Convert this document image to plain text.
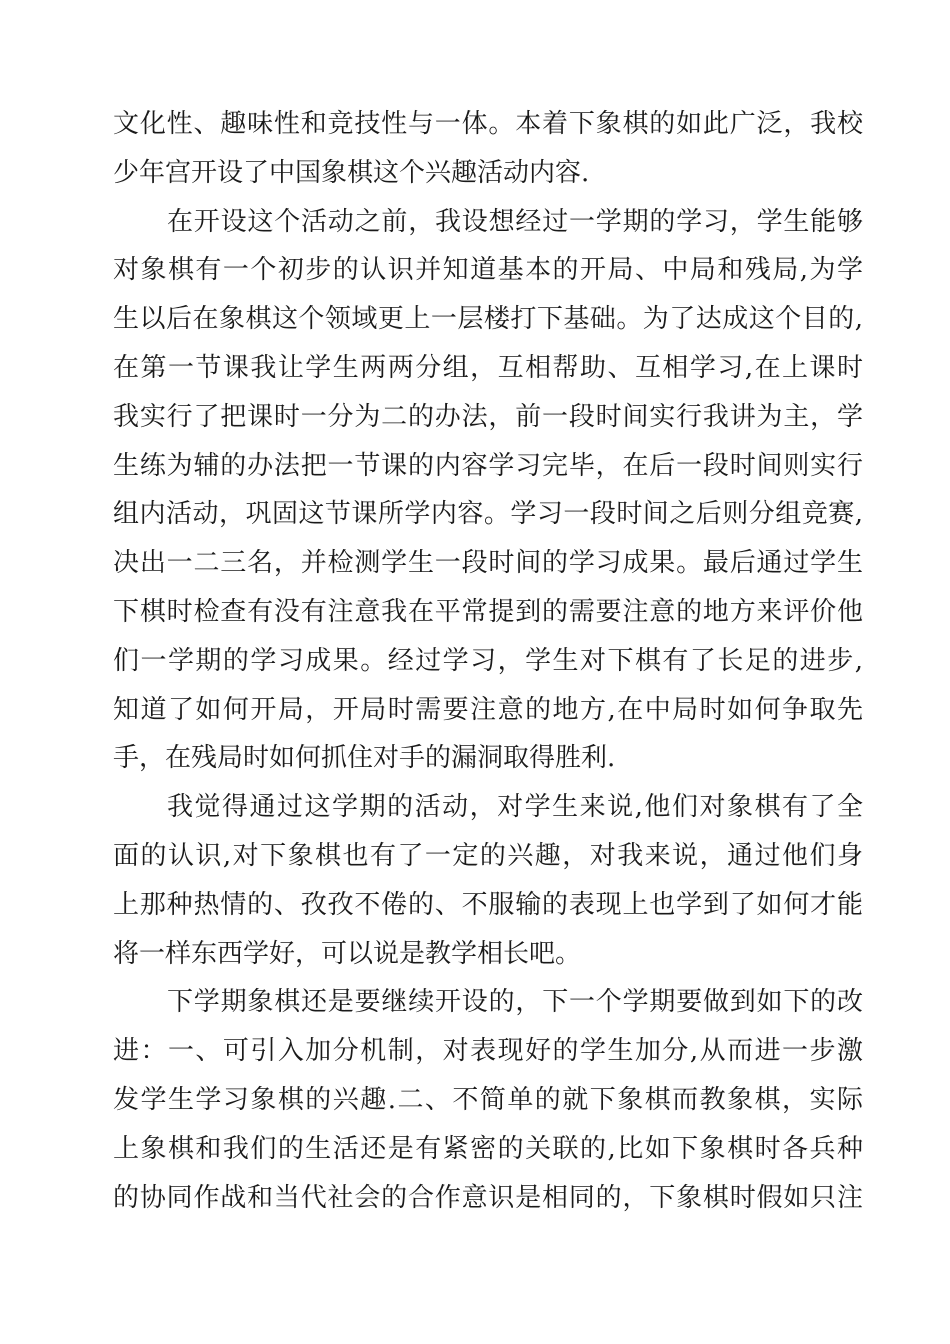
文化性、趣味性和竞技性与一体。本着下象棋的如此广泛，我校
少年宫开设了中国象棋这个兴趣活动内容.
在开设这个活动之前，我设想经过一学期的学习，学生能够
对象棋有一个初步的认识并知道基本的开局、中局和残局,为学
生以后在象棋这个领域更上一层楼打下基础。为了达成这个目的,
在第一节课我让学生两两分组，互相帮助、互相学习,在上课时
我实行了把课时一分为二的办法，前一段时间实行我讲为主，学
生练为辅的办法把一节课的内容学习完毕，在后一段时间则实行
组内活动，巩固这节课所学内容。学习一段时间之后则分组竞赛,
决出一二三名，并检测学生一段时间的学习成果。最后通过学生
下棋时检查有没有注意我在平常提到的需要注意的地方来评价他
们一学期的学习成果。经过学习，学生对下棋有了长足的进步,
知道了如何开局，开局时需要注意的地方,在中局时如何争取先
手，在残局时如何抓住对手的漏洞取得胜利.
我觉得通过这学期的活动，对学生来说,他们对象棋有了全
面的认识,对下象棋也有了一定的兴趣，对我来说，通过他们身
上那种热情的、孜孜不倦的、不服输的表现上也学到了如何才能
将一样东西学好，可以说是教学相长吧。
下学期象棋还是要继续开设的，下一个学期要做到如下的改
进：一、可引入加分机制，对表现好的学生加分,从而进一步激
发学生学习象棋的兴趣.二、不简单的就下象棋而教象棋，实际
上象棋和我们的生活还是有紧密的关联的,比如下象棋时各兵种
的协同作战和当代社会的合作意识是相同的，下象棋时假如只注
